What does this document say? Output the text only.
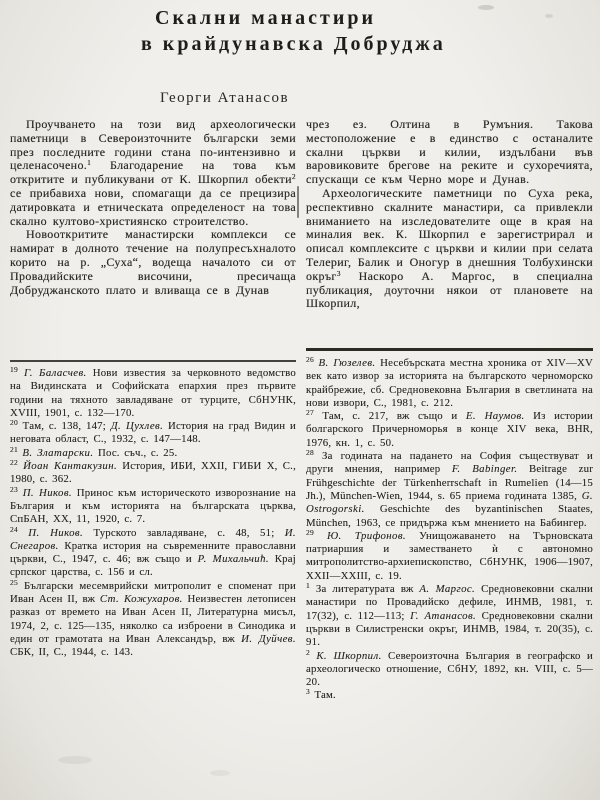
Скални манастири
в крайдунавска Добруджа
Георги Атанасов

Проучването на този вид археологически паметници в Североизточните български земи през последните години стана по-интензивно и целенасочено.$^1$ Благодарение на това към откритите и публикувани от К. Шкорпил обекти$^2$ се прибавиха нови, спомагащи да се прецизира датировката и етническата определеност на това скално култово-християнско строителство.

Новооткритите манастирски комплекси се намират в долното течение на полупресъхналото корито на р. „Суха“, водеща началото си от Провадийските височини, пресичаща Добруджанското плато и вливаща се в Дунав

$^{19}$ Г. Баласчев. Нови известия за черковното ведомство на Видинската и Софийската епархия през първите години на тяхното завладяване от турците, СбНУНК, XVIII, 1901, с. 132—170.

$^{20}$ Там, с. 138, 147; Д. Цухлев. История на град Видин и неговата област, С., 1932, с. 147—148.

$^{21}$ В. Златарски. Пос. съч., с. 25.

$^{22}$ Йоан Кантакузин. История, ИБИ, XXII, ГИБИ X, С., 1980, с. 362.

$^{23}$ П. Ников. Принос към историческото изворознание на България и към историята на българската църква, СпБАН, XX, 11, 1920, с. 7.

$^{24}$ П. Ников. Турското завладяване, с. 48, 51; И. Снегаров. Кратка история на съвременните православни църкви, С., 1947, с. 46; вж също и Р. Михальчић. Крај српског царства, с. 156 и сл.

$^{25}$ Български месемврийски митрополит е споменат при Иван Асен II, вж Ст. Кожухаров. Неизвестен летописен разказ от времето на Иван Асен II, Литературна мисъл, 1974, 2, с. 125—135, няколко са изброени в Синодика и един от грамотата на Иван Александър, вж И. Дуйчев. СБК, II, С., 1944, с. 143.

чрез ез. Олтина в Румъния. Такова местоположение е в единство с останалите скални църкви и килии, издълбани във варовиковите брегове на реките и сухоречията, спускащи се към Черно море и Дунав.

Археологическите паметници по Суха река, респективно скалните манастири, са привлекли вниманието на изследователите още в края на миналия век. К. Шкорпил е зарегистрирал и описал комплексите с църкви и килии при селата Телериг, Балик и Оногур в днешния Толбухински окръг$^3$ Наскоро А. Маргос, в специална публикация, доуточни някои от плановете на Шкорпил,

$^{26}$ В. Гюзелев. Несебърската местна хроника от XIV—XV век като извор за историята на българското черноморско крайбрежие, сб. Средновековна България в светлината на нови извори, С., 1981, с. 212.

$^{27}$ Там, с. 217, вж също и Е. Наумов. Из истории болгарского Причерноморья в конце XIV века, BHR, 1976, кн. 1, с. 50.

$^{28}$ За годината на падането на София съществуват и други мнения, например F. Babinger. Beitrage zur Frühgeschichte der Türkenherrschaft in Rumelien (14—15 Jh.), München-Wien, 1944, s. 65 приема годината 1385, G. Ostrogorski. Geschichte des byzantinischen Staates, München, 1963, се придържа към мнението на Бабингер.

$^{29}$ Ю. Трифонов. Унищожаването на Търновската патриаршия и заместването ѝ с автономно митрополитство-архиепископство, СбНУНК, 1906—1907, XXII—XXIII, с. 19.

$^1$ За литературата вж А. Маргос. Средновековни скални манастири по Провадийско дефиле, ИНМВ, 1981, т. 17(32), с. 112—113; Г. Атанасов. Средновековни скални църкви в Силистренски окръг, ИНМВ, 1984, т. 20(35), с. 91.

$^2$ К. Шкорпил. Североизточна България в географско и археологическо отношение, СбНУ, 1892, кн. VIII, с. 5—20.

$^3$ Там.
